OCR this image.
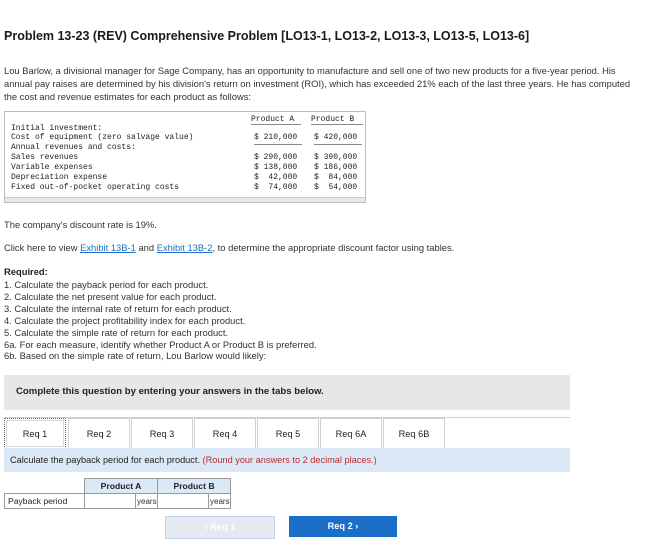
Problem 13-23 (REV) Comprehensive Problem [LO13-1, LO13-2, LO13-3, LO13-5, LO13-6]
Lou Barlow, a divisional manager for Sage Company, has an opportunity to manufacture and sell one of two new products for a five-year period. His annual pay raises are determined by his division's return on investment (ROI), which has exceeded 21% each of the last three years. He has computed the cost and revenue estimates for each product as follows:
Product A Product B
Initial investment:
Cost of equipment (zero salvage value)	$ 210,000 $ 420,000
Annual revenues and costs:
Sales revenues	$ 290,000 $ 390,000
Variable expenses	$ 138,000 $ 186,000
Depreciation expense	$  42,000 $  84,000
Fixed out-of-pocket operating costs	$  74,000 $  54,000
The company's discount rate is 19%.
Click here to view Exhibit 13B-1 and Exhibit 13B-2, to determine the appropriate discount factor using tables.
Required:
1. Calculate the payback period for each product.
2. Calculate the net present value for each product.
3. Calculate the internal rate of return for each product.
4. Calculate the project profitability index for each product.
5. Calculate the simple rate of return for each product.
6a. For each measure, identify whether Product A or Product B is preferred.
6b. Based on the simple rate of return, Lou Barlow would likely:
Complete this question by entering your answers in the tabs below.
Req 1	Req 2	Req 3	Req 4	Req 5	Req 6A	Req 6B
Calculate the payback period for each product. (Round your answers to 2 decimal places.)
	Product A		Product B	
Payback period		years		years
‹ Req 1	Req 2 ›
